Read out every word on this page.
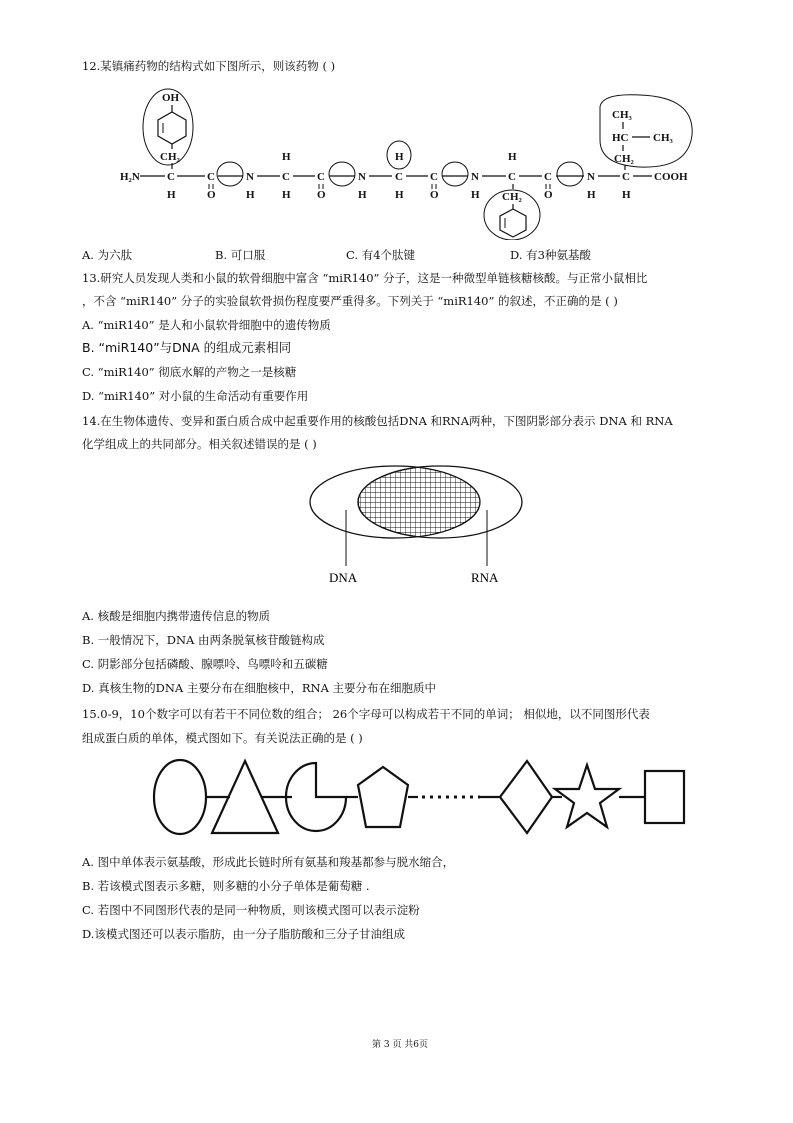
12.某镇痛药物的结构式如下图所示，则该药物 ( )
OH
CH₂
H₂N C
H
C
O
N
H
H
C
H
C
O
N
H
H
C
H
C
O
N
H
H
C
CH₂
C
O
N
H
CH₃
HC CH₃
CH₂
C
H
COOH
A. 为六肽	B. 可口服	C. 有4个肽键	D. 有3种氨基酸
13.研究人员发现人类和小鼠的软骨细胞中富含 “miR140” 分子，这是一种微型单链核糖核酸。与正常小鼠相比
，不含 “miR140” 分子的实验鼠软骨损伤程度要严重得多。下列关于 “miR140” 的叙述，不正确的是 ( )
A. “miR140” 是人和小鼠软骨细胞中的遗传物质
B. “miR140”与DNA 的组成元素相同
C. “miR140” 彻底水解的产物之一是核糖
D. “miR140” 对小鼠的生命活动有重要作用
14.在生物体遗传、变异和蛋白质合成中起重要作用的核酸包括DNA 和RNA两种，下图阴影部分表示 DNA 和 RNA
化学组成上的共同部分。相关叙述错误的是 ( )
DNA	RNA
A. 核酸是细胞内携带遗传信息的物质
B. 一般情况下，DNA 由两条脱氧核苷酸链构成
C. 阴影部分包括磷酸、腺嘌呤、鸟嘌呤和五碳糖
D. 真核生物的DNA 主要分布在细胞核中，RNA 主要分布在细胞质中
15.0-9，10个数字可以有若干不同位数的组合； 26个字母可以构成若干不同的单词； 相似地，以不同图形代表
组成蛋白质的单体，模式图如下。有关说法正确的是 ( )
A. 图中单体表示氨基酸，形成此长链时所有氨基和羧基都参与脱水缩合，
B. 若该模式图表示多糖，则多糖的小分子单体是葡萄糖 .
C. 若图中不同图形代表的是同一种物质，则该模式图可以表示淀粉
D.该模式图还可以表示脂肪，由一分子脂肪酸和三分子甘油组成
第 3 页 共6页
